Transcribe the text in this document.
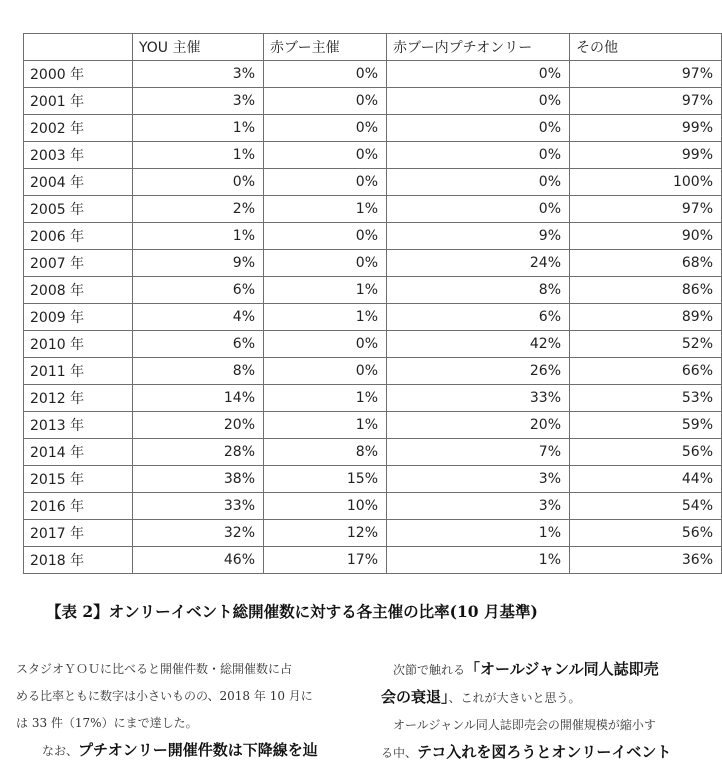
	YOU 主催	赤ブー主催	赤ブー内プチオンリー	その他
2000 年	3%	0%	0%	97%
2001 年	3%	0%	0%	97%
2002 年	1%	0%	0%	99%
2003 年	1%	0%	0%	99%
2004 年	0%	0%	0%	100%
2005 年	2%	1%	0%	97%
2006 年	1%	0%	9%	90%
2007 年	9%	0%	24%	68%
2008 年	6%	1%	8%	86%
2009 年	4%	1%	6%	89%
2010 年	6%	0%	42%	52%
2011 年	8%	0%	26%	66%
2012 年	14%	1%	33%	53%
2013 年	20%	1%	20%	59%
2014 年	28%	8%	7%	56%
2015 年	38%	15%	3%	44%
2016 年	33%	10%	3%	54%
2017 年	32%	12%	1%	56%
2018 年	46%	17%	1%	36%
【表 2】オンリーイベント総開催数に対する各主催の比率(10 月基準)

スタジオＹＯＵに比べると開催件数・総開催数に占

める比率ともに数字は小さいものの、2018 年 10 月に

は 33 件（17%）にまで達した。

なお、プチオンリー開催件数は下降線を辿

次節で触れる「オールジャンル同人誌即売

会の衰退」、これが大きいと思う。

オールジャンル同人誌即売会の開催規模が縮小す

る中、テコ入れを図ろうとオンリーイベント
